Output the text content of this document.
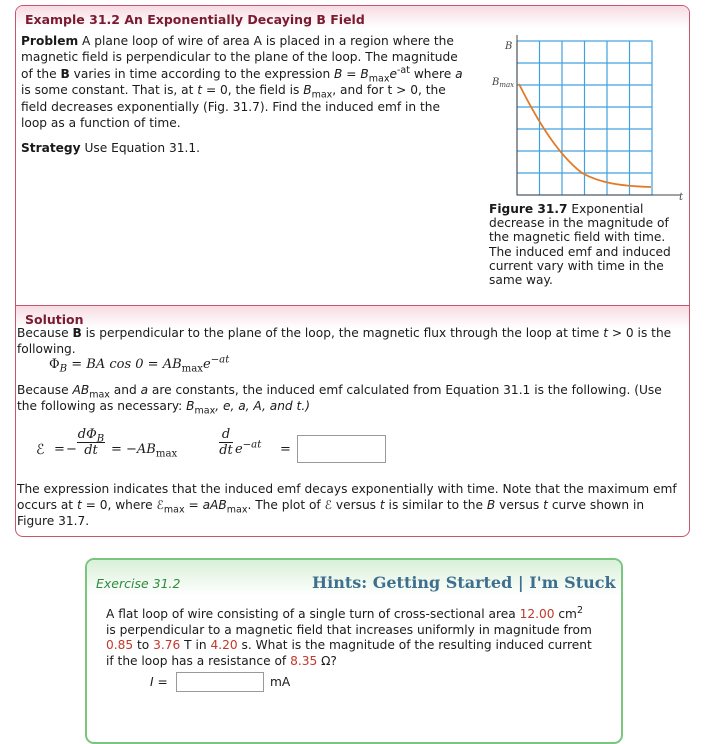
Example 31.2 An Exponentially Decaying B Field
Problem A plane loop of wire of area A is placed in a region where the magnetic field is perpendicular to the plane of the loop. The magnitude of the B varies in time according to the expression $B = B_{max}e^{-at}$ where a is some constant. That is, at t = 0, the field is $B_{max}$, and for t > 0, the field decreases exponentially (Fig. 31.7). Find the induced emf in the loop as a function of time.
Strategy Use Equation 31.1.
B
$B_{max}$
t
Figure 31.7 Exponential decrease in the magnitude of the magnetic field with time. The induced emf and induced current vary with time in the same way.
Solution
Because B is perpendicular to the plane of the loop, the magnetic flux through the loop at time t > 0 is the following.
$\Phi_B$ = BA $\cos 0 = AB_{max}e^{-at}$
Because $AB_{max}$ and a are constants, the induced emf calculated from Equation 31.1 is the following. (Use the following as necessary: $B_{max}$, e, a, A, and t.)
ℰ = −
$d\Phi_B$
dt	= $-AB_{max}$
d
dt $e^{-at}$ =
The expression indicates that the induced emf decays exponentially with time. Note that the maximum emf occurs at t = 0, where ℰ$_{max}$ = aAB$_{max}$. The plot of ℰ versus t is similar to the B versus t curve shown in Figure 31.7.
Exercise 31.2	Hints: Getting Started | I'm Stuck
A flat loop of wire consisting of a single turn of cross-sectional area 12.00 $cm^2$ is perpendicular to a magnetic field that increases uniformly in magnitude from 0.85 to 3.76 T in 4.20 s. What is the magnitude of the resulting induced current if the loop has a resistance of 8.35 Ω?
I =	mA
